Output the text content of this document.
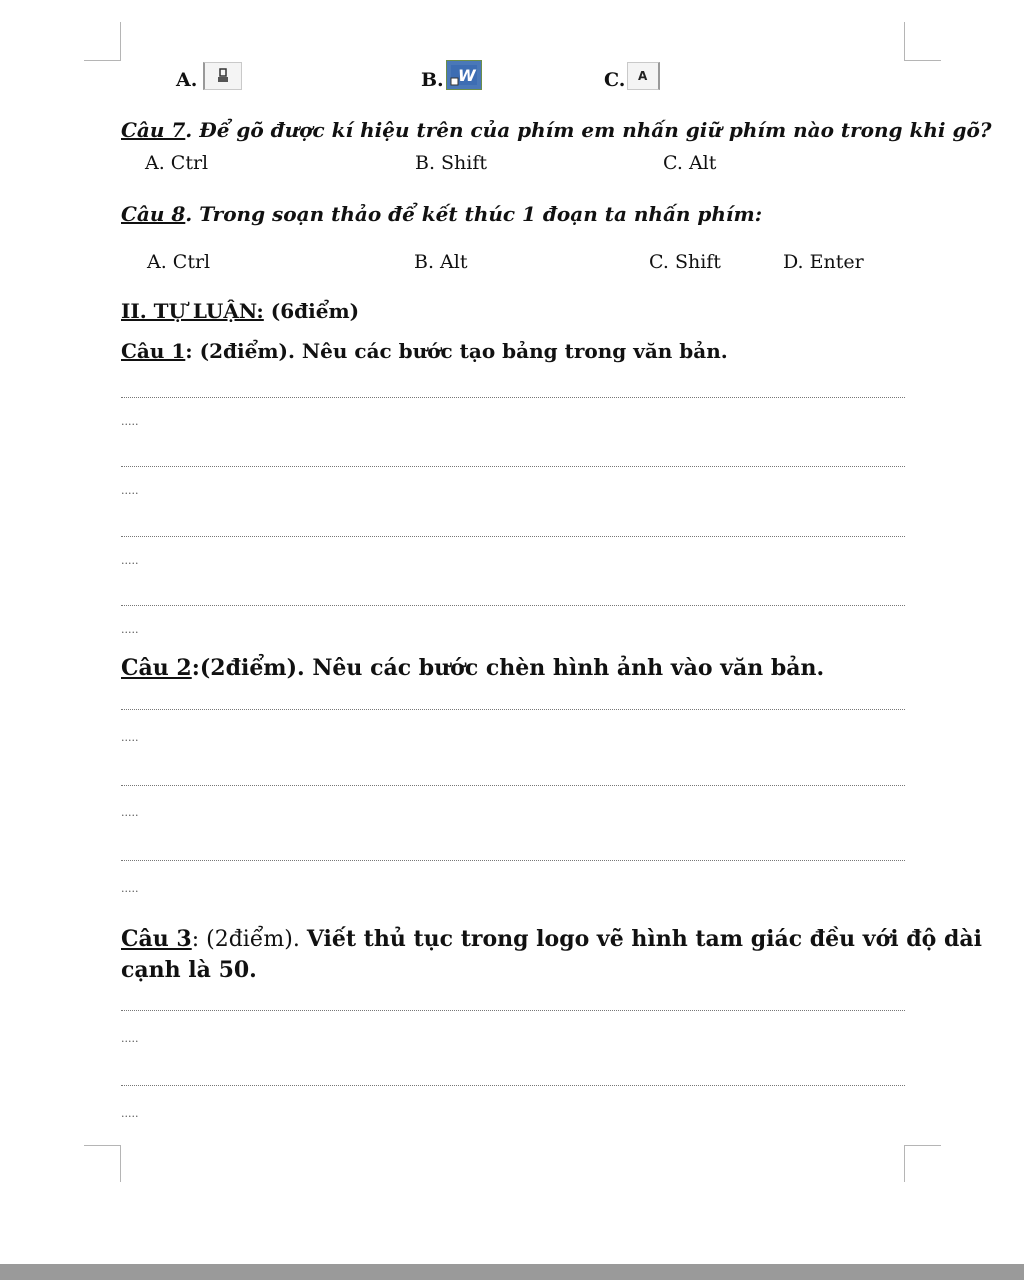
A.	B. W	C. A
Câu 7. Để gõ được kí hiệu trên của phím em nhấn giữ phím nào trong khi gõ?
A. Ctrl	B. Shift	C. Alt
Câu 8. Trong soạn thảo để kết thúc 1 đoạn ta nhấn phím:
A. Ctrl	B. Alt	C. Shift	D. Enter
II. TỰ LUẬN: (6điểm)
Câu 1: (2điểm). Nêu các bước tạo bảng trong văn bản.
.....
.....
.....
.....
Câu 2:(2điểm). Nêu các bước chèn hình ảnh vào văn bản.
.....
.....
.....
Câu 3: (2điểm). Viết thủ tục trong logo vẽ hình tam giác đều với độ dài
cạnh là 50.
.....
.....
